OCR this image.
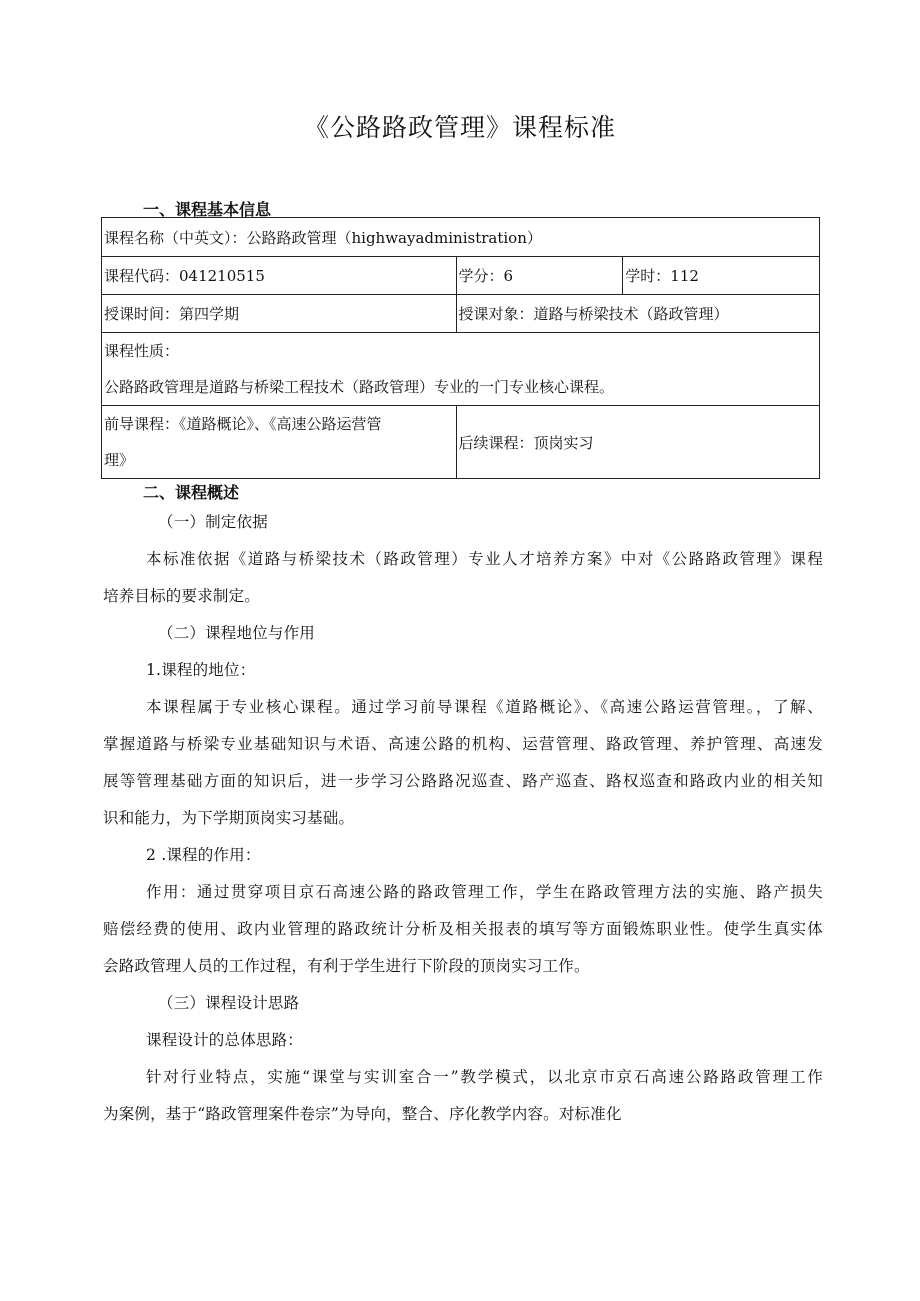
《公路路政管理》课程标准
一、课程基本信息
课程名称（中英文）：公路路政管理（highwayadministration）		
课程代码：041210515	学分：6	学时：112
授课时间：第四学期	授课对象：道路与桥梁技术（路政管理）	

课程性质：
公路路政管理是道路与桥梁工程技术（路政管理）专业的一门专业核心课程。		

前导课程：《道路概论》、《高速公路运营管
理》	后续课程：顶岗实习	
二、课程概述

（一）制定依据

本标准依据《道路与桥梁技术（路政管理）专业人才培养方案》中对《公路路政管理》课程

培养目标的要求制定。

（二）课程地位与作用

1.课程的地位：

本课程属于专业核心课程。通过学习前导课程《道路概论》、《高速公路运营管理。，了解、

掌握道路与桥梁专业基础知识与术语、高速公路的机构、运营管理、路政管理、养护管理、高速发

展等管理基础方面的知识后，进一步学习公路路况巡查、路产巡查、路权巡查和路政内业的相关知

识和能力，为下学期顶岗实习基础。

2 .课程的作用：

作用：通过贯穿项目京石高速公路的路政管理工作，学生在路政管理方法的实施、路产损失

赔偿经费的使用、政内业管理的路政统计分析及相关报表的填写等方面锻炼职业性。使学生真实体

会路政管理人员的工作过程，有利于学生进行下阶段的顶岗实习工作。

（三）课程设计思路

课程设计的总体思路：

针对行业特点，实施“课堂与实训室合一”教学模式，以北京市京石高速公路路政管理工作

为案例，基于“路政管理案件卷宗”为导向，整合、序化教学内容。对标准化
